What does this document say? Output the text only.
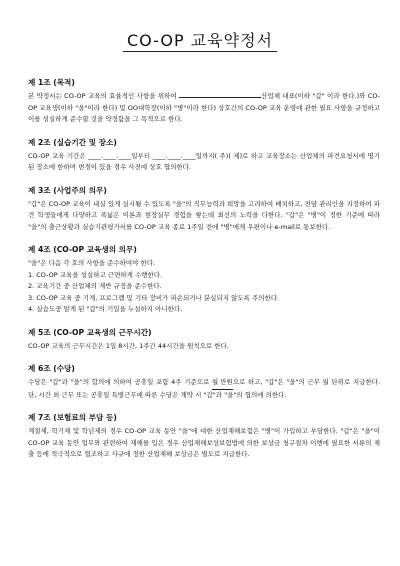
CO-OP 교육약정서
제 1조 (목적)

본 약정서는 CO-OP 교육의 효율적인 사항을 위하여	산업체 대표(이하 "갑" 이라 한다.)와 CO-OP 교육생(이하 "을"이라 한다) 및 OO대학장(이하 "병"이라 한다) 상호간의 CO-OP 교육 운영에 관한 필요 사항을 규정하고 이를 성실하게 준수할 것을 약정함을 그 목적으로 한다.

제 2조 (실습기간 및 장소)

CO-OP 교육 기간은 ____.____.____일부터 ____.____.____일까지( 주)( 제)로 하고 교육장소는 산업체의 파견요청서에 명기된 장소에 한하며 변경이 있을 경우 사전에 상호 협의한다.

제 3조 (사업주의 의무)

"갑"은 CO-OP 교육이 내실 있게 실시될 수 있도록 "을"의 직무능력과 희망을 고려하여 배치하고, 전담 관리인을 지정하여 파견 학생들에게 다양하고 폭넓은 이론과 현장실무 경험을 쌓는데 최선의 노력을 다한다. "갑"은 "병"이 정한 기준에 따라 "을"의 출근상황과 실습기관평가서를 CO-OP 교육 종료 1주일 전에 "병"에게 우편이나 e-mail로 통보한다.

제 4조 (CO-OP 교육생의 의무)

"을"은 다음 각 호의 사항을 준수하여야 한다.

1. CO-OP 교육을 성실하고 근면하게 수행한다.

2. 교육기간 중 산업체의 제반 규정을 준수한다.

3. CO-OP 교육 중 기계, 프로그램 및 기타 장비가 파손되거나 분실되지 않도록 주의한다.

4. 실습도중 알게 된 "갑"의 기밀을 누설하지 아니한다.

제 5조 (CO-OP 교육생의 근무시간)

CO-OP 교육의 근무시간은 1일 8시간, 1주간 44시간을 원칙으로 한다.

제 6조 (수당)

수당은 "갑"과 "을"의 합의에 의하여 공휴일 포함 4주 기준으로 월 만원으로 하고, "갑"은 "을"의 근무 월 단위로 지급한다. 단, 시간 외 근무 또는 공휴일 특별근무에 따른 수당은 계약 시 "갑"과 "을"의 협의에 의한다.

제 7조 (보험료의 부담 등)

계절제, 학기제 및 학년제의 경우 CO-OP 교육 동안 "을"에 대한 산업재해보험은 "병"이 가입하고 부담한다. "갑"은 "을"이 CO-OP 교육 동안 업무와 관련하여 재해를 입은 경우 산업재해보상보험법에 의한 보상금 청구절차 이행에 필요한 서류의 제출 등에 적극적으로 협조하고 사규에 정한 산업재해 보상금은 별도로 지급한다.
